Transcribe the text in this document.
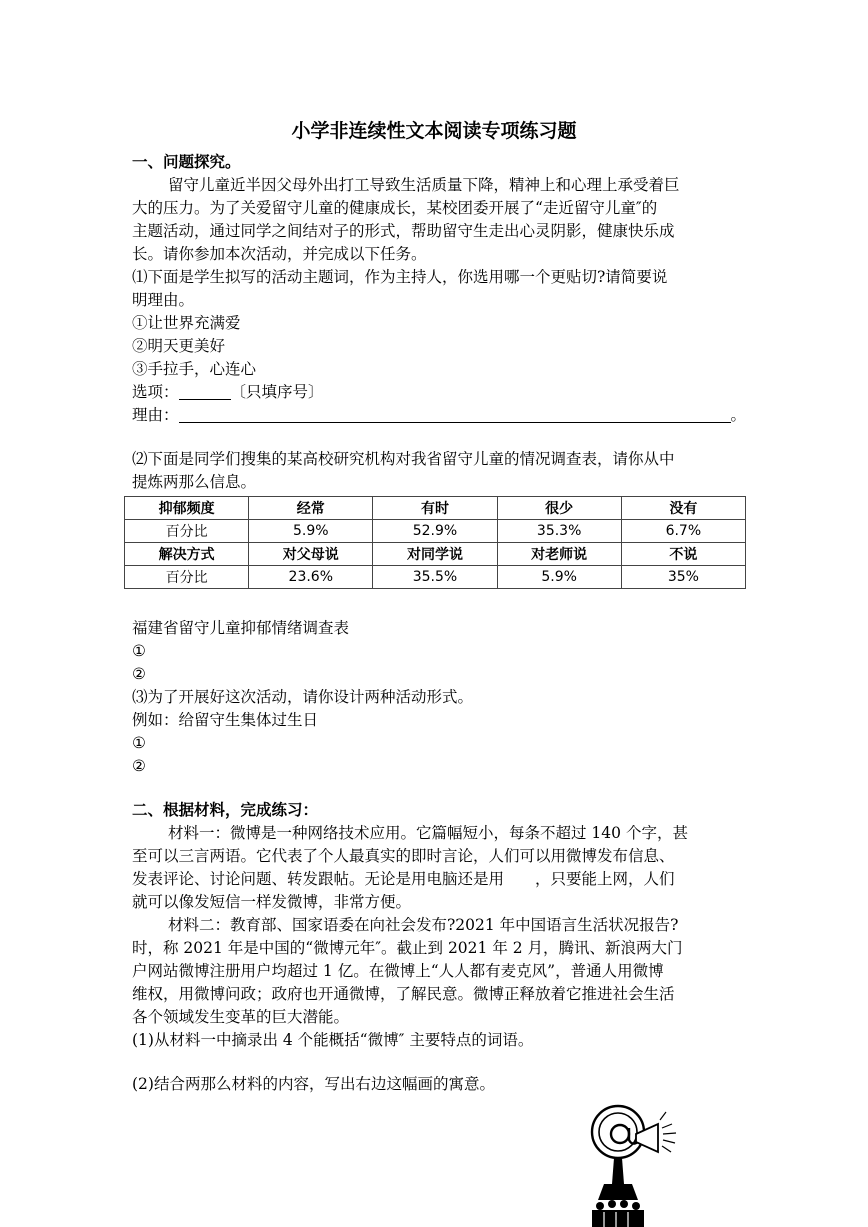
小学非连续性文本阅读专项练习题
一、问题探究。
留守儿童近半因父母外出打工导致生活质量下降，精神上和心理上承受着巨
大的压力。为了关爱留守儿童的健康成长，某校团委开展了“走近留守儿童″的
主题活动，通过同学之间结对子的形式，帮助留守生走出心灵阴影，健康快乐成
长。请你参加本次活动，并完成以下任务。
⑴下面是学生拟写的活动主题词，作为主持人，你选用哪一个更贴切?请简要说
明理由。
①让世界充满爱
②明天更美好
③手拉手，心连心
选项：	〔只填序号〕
理由：	。
⑵下面是同学们搜集的某高校研究机构对我省留守儿童的情况调查表，请你从中
提炼两那么信息。
抑郁频度	经常	有时	很少	没有
百分比	5.9%	52.9%	35.3%	6.7%
解决方式	对父母说	对同学说	对老师说	不说
百分比	23.6%	35.5%	5.9%	35%
福建省留守儿童抑郁情绪调查表
①
②
⑶为了开展好这次活动，请你设计两种活动形式。
例如：给留守生集体过生日
①
②
二、根据材料，完成练习：
材料一：微博是一种网络技术应用。它篇幅短小，每条不超过 140 个字，甚
至可以三言两语。它代表了个人最真实的即时言论，人们可以用微博发布信息、
发表评论、讨论问题、转发跟帖。无论是用电脑还是用　　，只要能上网，人们
就可以像发短信一样发微博，非常方便。
材料二：教育部、国家语委在向社会发布?2021 年中国语言生活状况报告?
时，称 2021 年是中国的“微博元年″。截止到 2021 年 2 月，腾讯、新浪两大门
户网站微博注册用户均超过 1 亿。在微博上“人人都有麦克风”，普通人用微博
维权，用微博问政；政府也开通微博，了解民意。微博正释放着它推进社会生活
各个领域发生变革的巨大潜能。
(1)从材料一中摘录出 4 个能概括“微博″ 主要特点的词语。
(2)结合两那么材料的内容，写出右边这幅画的寓意。
